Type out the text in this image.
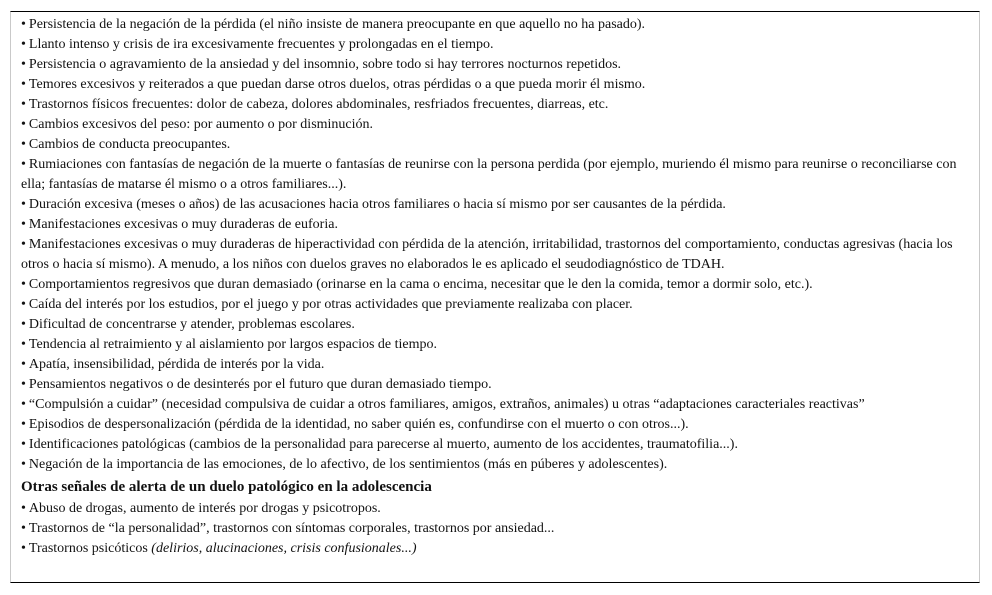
• Persistencia de la negación de la pérdida (el niño insiste de manera preocupante en que aquello no ha pasado).

• Llanto intenso y crisis de ira excesivamente frecuentes y prolongadas en el tiempo.

• Persistencia o agravamiento de la ansiedad y del insomnio, sobre todo si hay terrores nocturnos repetidos.

• Temores excesivos y reiterados a que puedan darse otros duelos, otras pérdidas o a que pueda morir él mismo.

• Trastornos físicos frecuentes: dolor de cabeza, dolores abdominales, resfriados frecuentes, diarreas, etc.

• Cambios excesivos del peso: por aumento o por disminución.

• Cambios de conducta preocupantes.

• Rumiaciones con fantasías de negación de la muerte o fantasías de reunirse con la persona perdida (por ejemplo, muriendo él mismo para reunirse o reconciliarse con ella; fantasías de matarse él mismo o a otros familiares...).

• Duración excesiva (meses o años) de las acusaciones hacia otros familiares o hacia sí mismo por ser causantes de la pérdida.

• Manifestaciones excesivas o muy duraderas de euforia.

• Manifestaciones excesivas o muy duraderas de hiperactividad con pérdida de la atención, irritabilidad, trastornos del comportamiento, conductas agresivas (hacia los otros o hacia sí mismo). A menudo, a los niños con duelos graves no elaborados le es aplicado el seudodiagnóstico de TDAH.

• Comportamientos regresivos que duran demasiado (orinarse en la cama o encima, necesitar que le den la comida, temor a dormir solo, etc.).

• Caída del interés por los estudios, por el juego y por otras actividades que previamente realizaba con placer.

• Dificultad de concentrarse y atender, problemas escolares.

• Tendencia al retraimiento y al aislamiento por largos espacios de tiempo.

• Apatía, insensibilidad, pérdida de interés por la vida.

• Pensamientos negativos o de desinterés por el futuro que duran demasiado tiempo.

• “Compulsión a cuidar” (necesidad compulsiva de cuidar a otros familiares, amigos, extraños, animales) u otras “adaptaciones caracteriales reactivas”

• Episodios de despersonalización (pérdida de la identidad, no saber quién es, confundirse con el muerto o con otros...).

• Identificaciones patológicas (cambios de la personalidad para parecerse al muerto, aumento de los accidentes, traumatofilia...).

• Negación de la importancia de las emociones, de lo afectivo, de los sentimientos (más en púberes y adolescentes).

Otras señales de alerta de un duelo patológico en la adolescencia

• Abuso de drogas, aumento de interés por drogas y psicotropos.

• Trastornos de “la personalidad”, trastornos con síntomas corporales, trastornos por ansiedad...

• Trastornos psicóticos (delirios, alucinaciones, crisis confusionales...)
